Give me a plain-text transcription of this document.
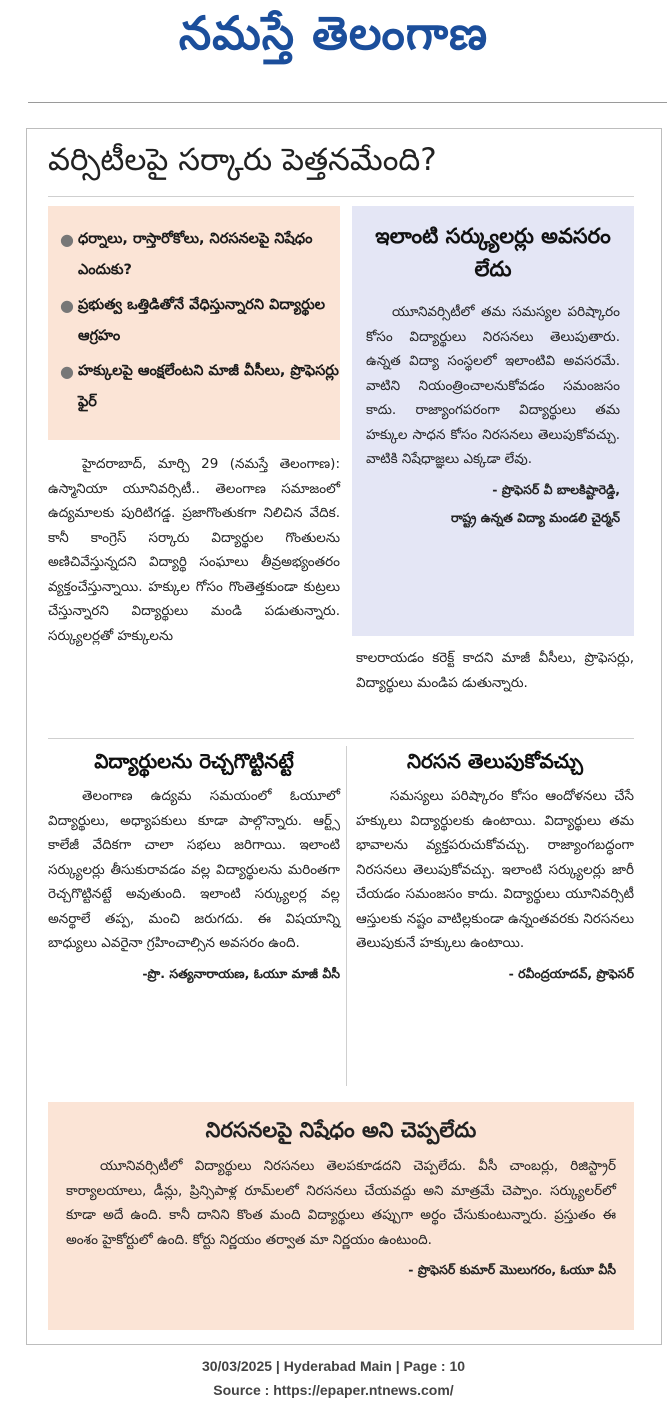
నమస్తే తెలంగాణ
వర్సిటీలపై సర్కారు పెత్తనమేంది?
● ధర్నాలు, రాస్తారోకోలు, నిరసనలపై నిషేధం ఎందుకు?
● ప్రభుత్వ ఒత్తిడితోనే వేధిస్తున్నారని విద్యార్థుల ఆగ్రహం
● హక్కులపై ఆంక్షలేంటని మాజీ వీసీలు, ప్రొఫెసర్లు ఫైర్

హైదరాబాద్, మార్చి 29 (నమస్తే తెలంగాణ): ఉస్మానియా యూనివర్సిటీ.. తెలంగాణ సమాజంలో ఉద్యమాలకు పురిటిగడ్డ. ప్రజాగొంతుకగా నిలిచిన వేదిక. కానీ కాంగ్రెస్ సర్కారు విద్యార్థుల గొంతులను అణిచివేస్తున్నదని విద్యార్థి సంఘాలు తీవ్రఅభ్యంతరం వ్యక్తంచేస్తున్నాయి. హక్కుల గోసం గొంతెత్తకుండా కుట్రలు చేస్తున్నారని విద్యార్థులు మండి పడుతున్నారు. సర్క్యులర్లతో హక్కులను

ఇలాంటి సర్క్యులర్లు అవసరం లేదు

యూనివర్సిటీలో తమ సమస్యల పరిష్కారం కోసం విద్యార్థులు నిరసనలు తెలుపుతారు. ఉన్నత విద్యా సంస్థలలో ఇలాంటివి అవసరమే. వాటిని నియంత్రించాలనుకోవడం సమంజసం కాదు. రాజ్యాంగపరంగా విద్యార్థులు తమ హక్కుల సాధన కోసం నిరసనలు తెలుపుకోవచ్చు. వాటికి నిషేధాజ్ఞలు ఎక్కడా లేవు.

- ప్రొఫెసర్ వీ బాలకిష్టారెడ్డి,
రాష్ట్ర ఉన్నత విద్యా మండలి చైర్మన్

కాలరాయడం కరెక్ట్ కాదని మాజీ వీసీలు, ప్రొఫెసర్లు, విద్యార్థులు మండిప డుతున్నారు.

విద్యార్థులను రెచ్చగొట్టినట్టే

తెలంగాణ ఉద్యమ సమయంలో ఓయూలో విద్యార్థులు, అధ్యాపకులు కూడా పాల్గొన్నారు. ఆర్ట్స్ కాలేజీ వేదికగా చాలా సభలు జరిగాయి. ఇలాంటి సర్క్యులర్లు తీసుకురావడం వల్ల విద్యార్థులను మరింతగా రెచ్చగొట్టినట్టే అవుతుంది. ఇలాంటి సర్క్యులర్ల వల్ల అనర్థాలే తప్ప, మంచి జరుగదు. ఈ విషయాన్ని బాధ్యులు ఎవరైనా గ్రహించాల్సిన అవసరం ఉంది.

-ప్రొ. సత్యనారాయణ, ఓయూ మాజీ వీసీ
నిరసన తెలుపుకోవచ్చు

సమస్యలు పరిష్కారం కోసం ఆందోళనలు చేసే హక్కులు విద్యార్థులకు ఉంటాయి. విద్యార్థులు తమ భావాలను వ్యక్తపరుచుకోవచ్చు. రాజ్యాంగబద్ధంగా నిరసనలు తెలుపుకోవచ్చు. ఇలాంటి సర్క్యులర్లు జారీ చేయడం సమంజసం కాదు. విద్యార్థులు యూనివర్సిటీ ఆస్తులకు నష్టం వాటిల్లకుండా ఉన్నంతవరకు నిరసనలు తెలుపుకునే హక్కులు ఉంటాయి.

- రవీంద్రయాదవ్, ప్రొఫెసర్
నిరసనలపై నిషేధం అని చెప్పలేదు

యూనివర్సిటీలో విద్యార్థులు నిరసనలు తెలపకూడదని చెప్పలేదు. వీసీ చాంబర్లు, రిజిస్ట్రార్ కార్యాలయాలు, డీన్లు, ప్రిన్సిపాళ్ల రూమ్‌లలో నిరసనలు చేయవద్దు అని మాత్రమే చెప్పాం. సర్క్యులర్‌లో కూడా అదే ఉంది. కానీ దానిని కొంత మంది విద్యార్థులు తప్పుగా అర్థం చేసుకుంటున్నారు. ప్రస్తుతం ఈ అంశం హైకోర్టులో ఉంది. కోర్టు నిర్ణయం తర్వాత మా నిర్ణయం ఉంటుంది.

- ప్రొఫెసర్ కుమార్ మొలుగరం, ఓయూ వీసీ
30/03/2025 | Hyderabad Main | Page : 10
Source : https://epaper.ntnews.com/
